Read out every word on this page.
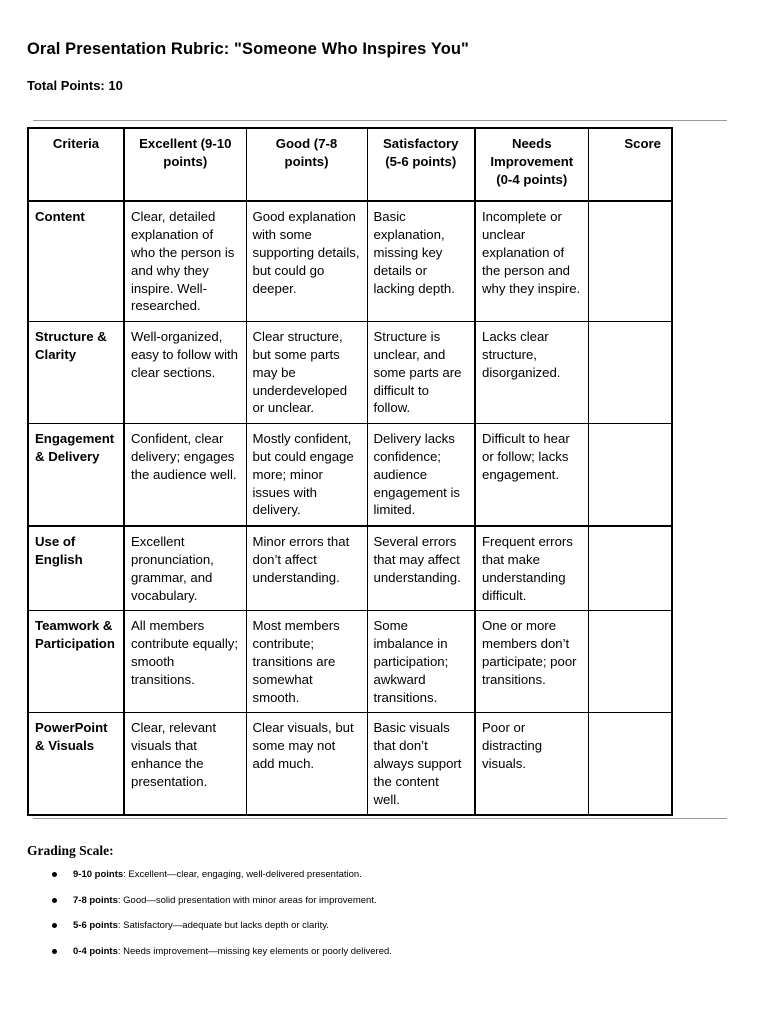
Oral Presentation Rubric: "Someone Who Inspires You"
Total Points: 10
Criteria	Excellent (9-10 points)	Good (7-8 points)	Satisfactory (5-6 points)	Needs Improvement (0-4 points)	Score
Content	Clear, detailed explanation of who the person is and why they inspire. Well-researched.	Good explanation with some supporting details, but could go deeper.	Basic explanation, missing key details or lacking depth.	Incomplete or unclear explanation of the person and why they inspire.	
Structure & Clarity	Well-organized, easy to follow with clear sections.	Clear structure, but some parts may be underdeveloped or unclear.	Structure is unclear, and some parts are difficult to follow.	Lacks clear structure, disorganized.	
Engagement & Delivery	Confident, clear delivery; engages the audience well.	Mostly confident, but could engage more; minor issues with delivery.	Delivery lacks confidence; audience engagement is limited.	Difficult to hear or follow; lacks engagement.	
Use of English	Excellent pronunciation, grammar, and vocabulary.	Minor errors that don’t affect understanding.	Several errors that may affect understanding.	Frequent errors that make understanding difficult.	
Teamwork & Participation	All members contribute equally; smooth transitions.	Most members contribute; transitions are somewhat smooth.	Some imbalance in participation; awkward transitions.	One or more members don’t participate; poor transitions.	
PowerPoint & Visuals	Clear, relevant visuals that enhance the presentation.	Clear visuals, but some may not add much.	Basic visuals that don’t always support the content well.	Poor or distracting visuals.	
Grading Scale:
9-10 points: Excellent—clear, engaging, well-delivered presentation.
7-8 points: Good—solid presentation with minor areas for improvement.
5-6 points: Satisfactory—adequate but lacks depth or clarity.
0-4 points: Needs improvement—missing key elements or poorly delivered.
